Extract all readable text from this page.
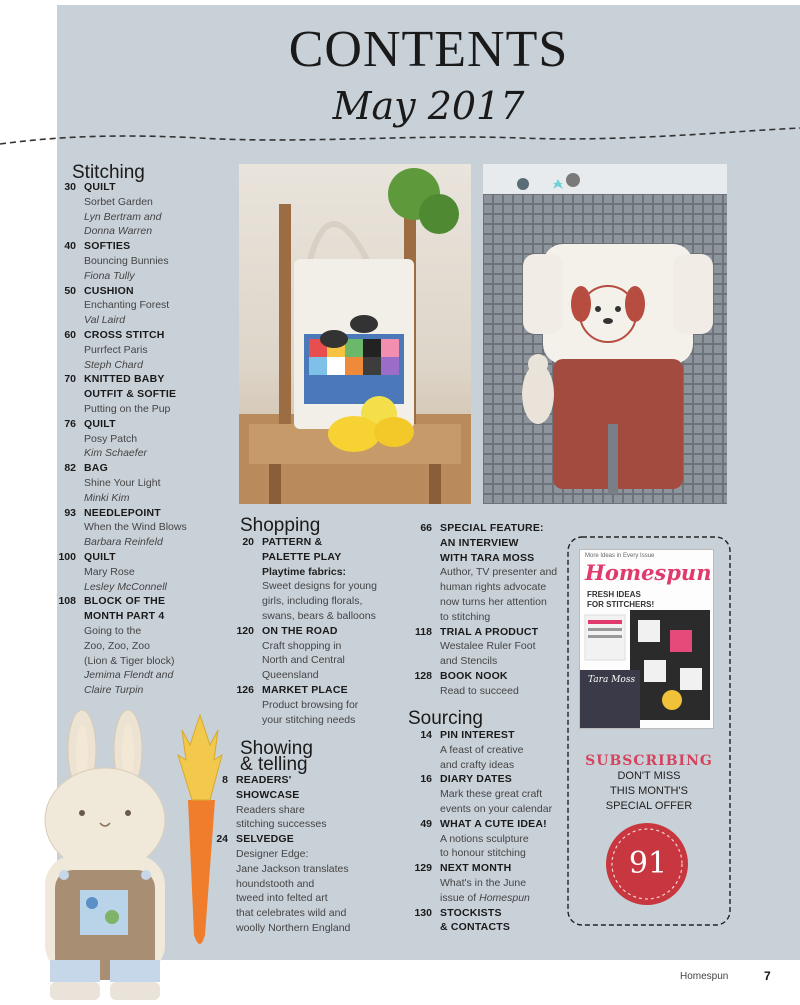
CONTENTS
May 2017
Stitching
30 QUILT
Sorbet Garden
Lyn Bertram and
Donna Warren
40 SOFTIES
Bouncing Bunnies
Fiona Tully
50 CUSHION
Enchanting Forest
Val Laird
60 CROSS STITCH
Purrfect Paris
Steph Chard
70 KNITTED BABY
OUTFIT & SOFTIE
Putting on the Pup
76 QUILT
Posy Patch
Kim Schaefer
82 BAG
Shine Your Light
Minki Kim
93 NEEDLEPOINT
When the Wind Blows
Barbara Reinfeld
100 QUILT
Mary Rose
Lesley McConnell
108 BLOCK OF THE
MONTH PART 4
Going to the
Zoo, Zoo, Zoo
(Lion & Tiger block)
Jemima Flendt and
Claire Turpin
Shopping
20 PATTERN &
PALETTE PLAY
Playtime fabrics:
Sweet designs for young
girls, including florals,
swans, bears & balloons
120 ON THE ROAD
Craft shopping in
North and Central
Queensland
126 MARKET PLACE
Product browsing for
your stitching needs
Showing
& telling
8 READERS'
SHOWCASE
Readers share
stitching successes
24 SELVEDGE
Designer Edge:
Jane Jackson translates
houndstooth and
tweed into felted art
that celebrates wild and
woolly Northern England
66 SPECIAL FEATURE:
AN INTERVIEW
WITH TARA MOSS
Author, TV presenter and
human rights advocate
now turns her attention
to stitching
118 TRIAL A PRODUCT
Westalee Ruler Foot
and Stencils
128 BOOK NOOK
Read to succeed
Sourcing
14 PIN INTEREST
A feast of creative
and crafty ideas
16 DIARY DATES
Mark these great craft
events on your calendar
49 WHAT A CUTE IDEA!
A notions sculpture
to honour stitching
129 NEXT MONTH
What's in the June
issue of Homespun
130 STOCKISTS
& CONTACTS
More Ideas in Every Issue
Homespun
FRESH IDEAS
FOR STITCHERS!
Tara Moss
SUBSCRIBING
DON'T MISS
THIS MONTH'S
SPECIAL OFFER
91
Homespun	7
